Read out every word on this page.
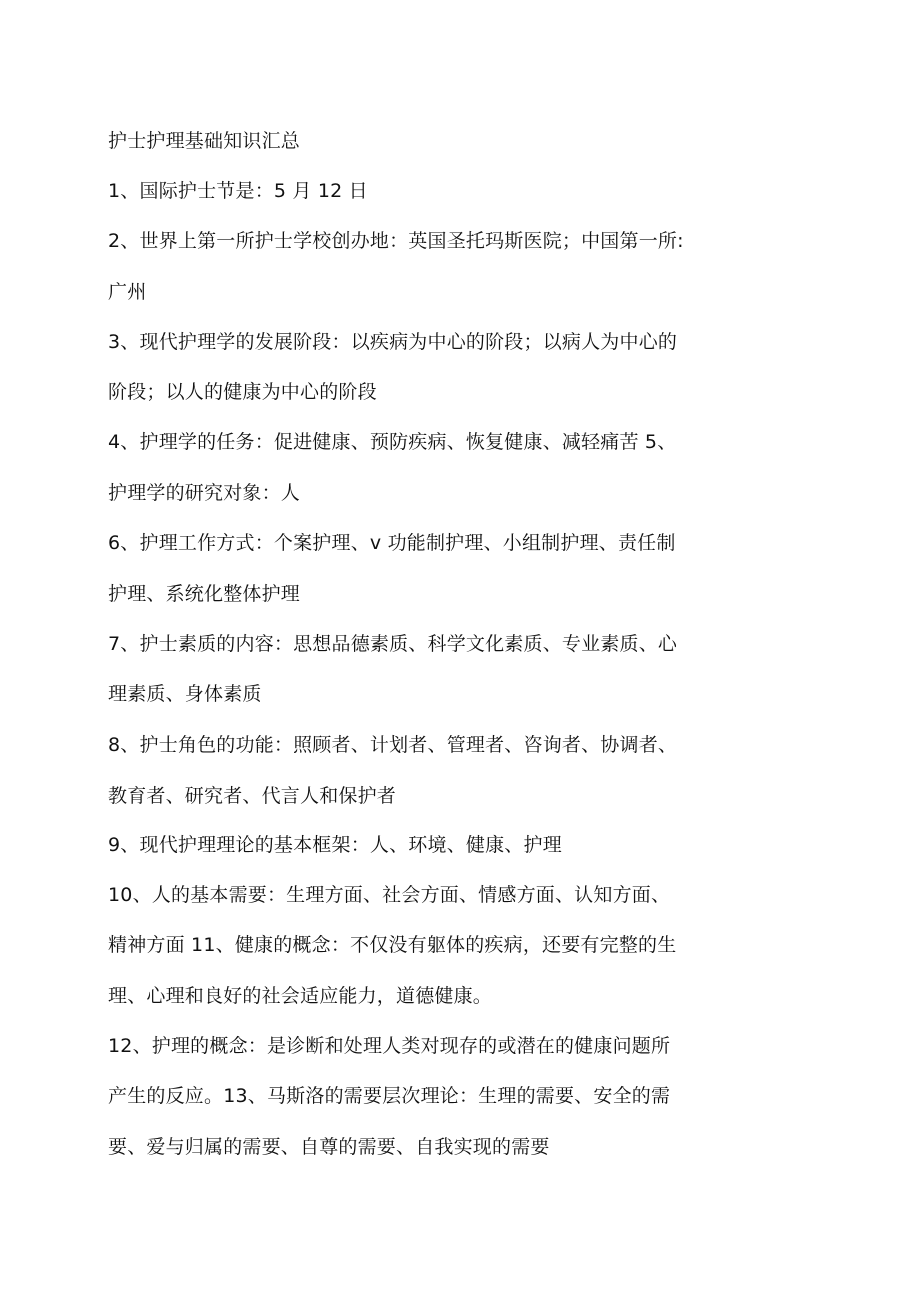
护士护理基础知识汇总
1、国际护士节是：5 月 12 日
2、世界上第一所护士学校创办地：英国圣托玛斯医院；中国第一所:
广州
3、现代护理学的发展阶段：以疾病为中心的阶段；以病人为中心的
阶段；以人的健康为中心的阶段
4、护理学的任务：促进健康、预防疾病、恢复健康、减轻痛苦 5、
护理学的研究对象：人
6、护理工作方式：个案护理、v 功能制护理、小组制护理、责任制
护理、系统化整体护理
7、护士素质的内容：思想品德素质、科学文化素质、专业素质、心
理素质、身体素质
8、护士角色的功能：照顾者、计划者、管理者、咨询者、协调者、
教育者、研究者、代言人和保护者
9、现代护理理论的基本框架：人、环境、健康、护理
10、人的基本需要：生理方面、社会方面、情感方面、认知方面、
精神方面 11、健康的概念：不仅没有躯体的疾病，还要有完整的生
理、心理和良好的社会适应能力，道德健康。
12、护理的概念：是诊断和处理人类对现存的或潜在的健康问题所
产生的反应。13、马斯洛的需要层次理论：生理的需要、安全的需
要、爱与归属的需要、自尊的需要、自我实现的需要
